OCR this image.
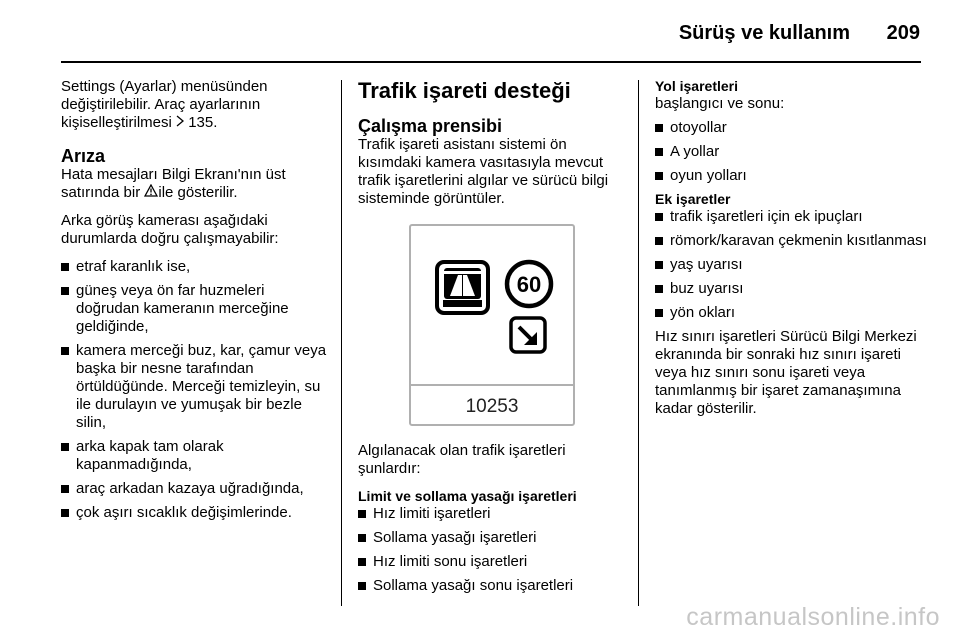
Sürüş ve kullanım 209

Settings (Ayarlar) menüsünden
değiştirilebilir. Araç ayarlarının
kişiselleştirilmesi  135.

Arıza

Hata mesajları Bilgi Ekranı'nın üst
satırında bir ile gösterilir.

Arka görüş kamerası aşağıdaki
durumlarda doğru çalışmayabilir:

etraf karanlık ise,
güneş veya ön far huzmeleri doğrudan kameranın merceğine geldiğinde,
kamera merceği buz, kar, çamur veya başka bir nesne tarafından örtüldüğünde. Merceği temizleyin, su ile durulayın ve yumuşak bir bezle silin,
arka kapak tam olarak kapanmadığında,
araç arkadan kazaya uğradığında,
çok aşırı sıcaklık değişimlerinde.
Trafik işareti desteği
Çalışma prensibi

Trafik işareti asistanı sistemi ön kısımdaki kamera vasıtasıyla mevcut trafik işaretlerini algılar ve sürücü bilgi sisteminde görüntüler.

60
10253

Algılanacak olan trafik işaretleri şunlardır:

Limit ve sollama yasağı işaretleri
Hız limiti işaretleri
Sollama yasağı işaretleri
Hız limiti sonu işaretleri
Sollama yasağı sonu işaretleri
Yol işaretleri

başlangıcı ve sonu:

otoyollar
A yollar
oyun yolları
Ek işaretler
trafik işaretleri için ek ipuçları
römork/karavan çekmenin kısıtlanması
yaş uyarısı
buz uyarısı
yön okları

Hız sınırı işaretleri Sürücü Bilgi Merkezi ekranında bir sonraki hız sınırı işareti veya hız sınırı sonu işareti veya tanımlanmış bir işaret zamanaşımına kadar gösterilir.

carmanualsonline.info
